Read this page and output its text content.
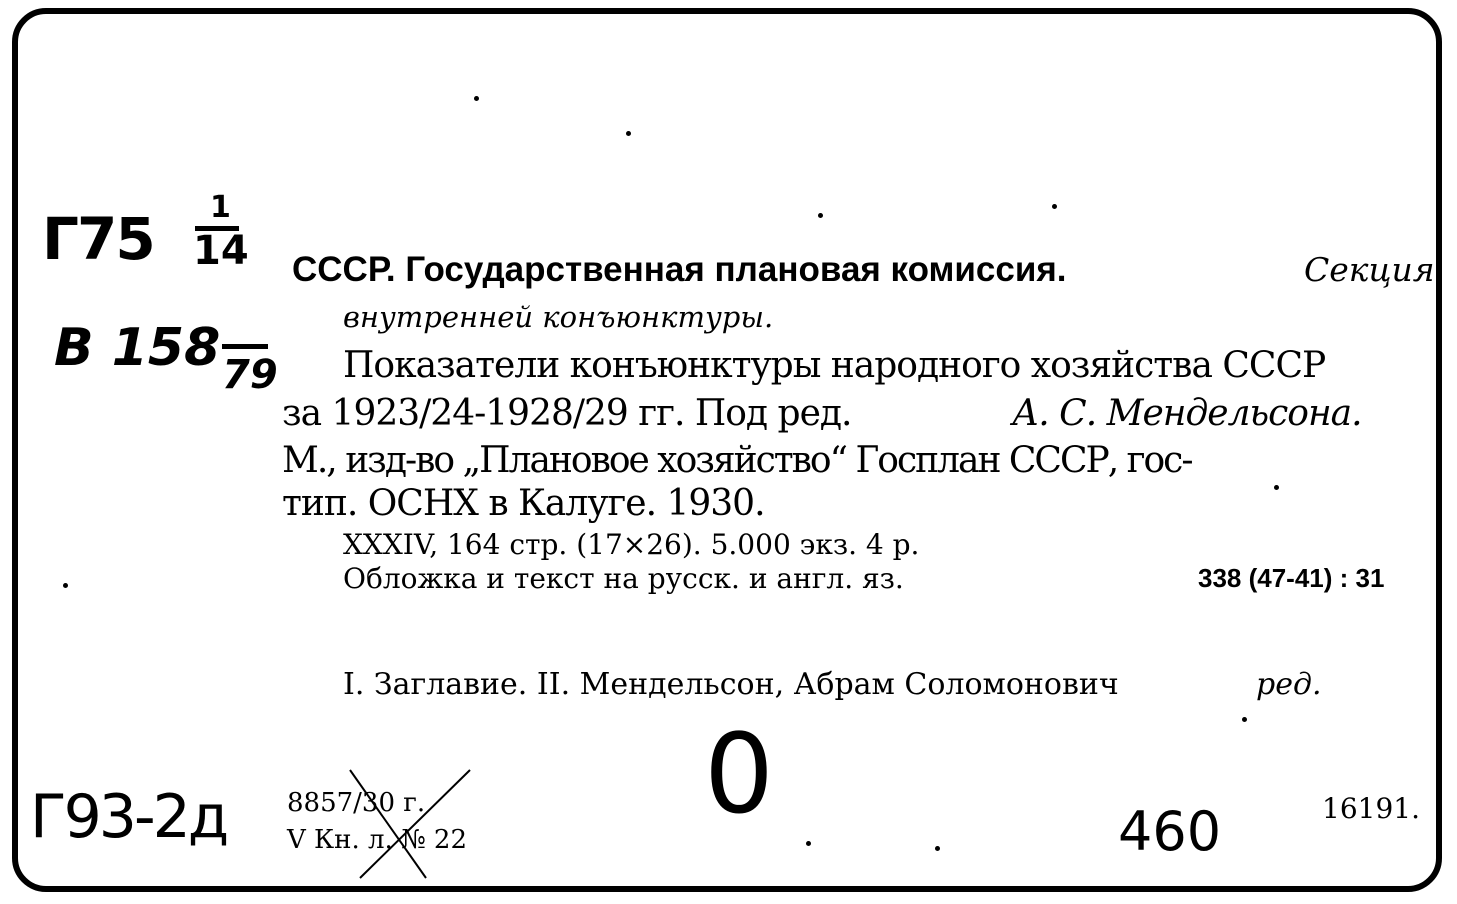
Г75 1
14
В 158 79
СССР. Государственная плановая комиссия.	Секция
внутренней конъюнктуры.
Показатели конъюнктуры народного хозяйства СССР
за 1923/24-1928/29 гг. Под ред.	А. С. Мендельсона.
М., изд-во „Плановое хозяйство“ Госплан СССР, гос-
тип. ОСНХ в Калуге. 1930.
XXXIV, 164 стр. (17×26). 5.000 экз. 4 р.
Обложка и текст на русск. и англ. яз.	338 (47-41) : 31
I. Заглавие. II. Мендельсон, Абрам Соломонович	ред.
Г93-2д	0	460
8857/30 г.
V Кн. л. № 22
16191.
